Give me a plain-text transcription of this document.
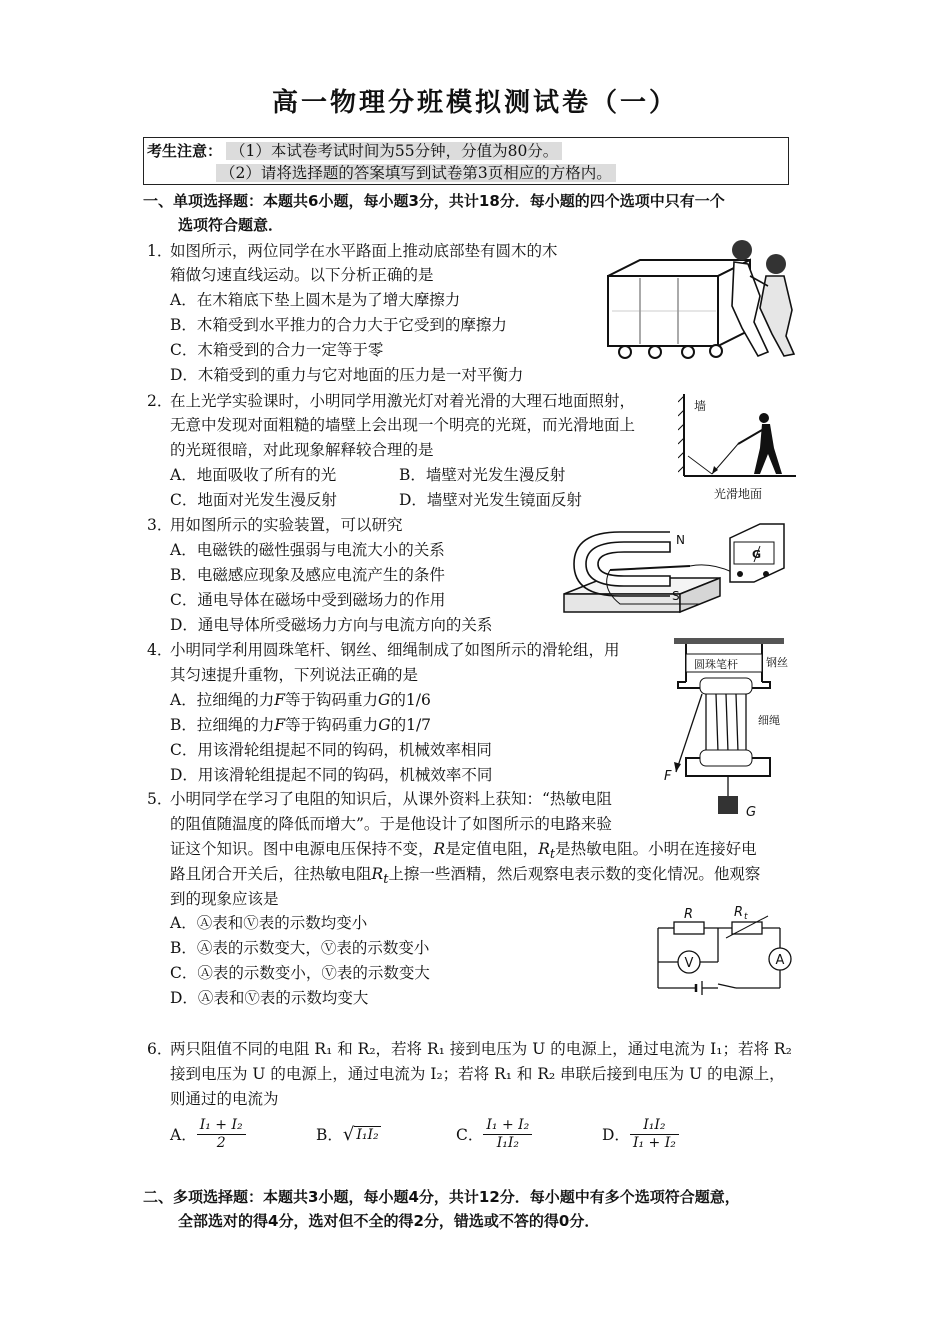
高一物理分班模拟测试卷（一）
考生注意： （1）本试卷考试时间为55分钟，分值为80分。
（2）请将选择题的答案填写到试卷第3页相应的方格内。
一、单项选择题：本题共6小题，每小题3分，共计18分．每小题的四个选项中只有一个
选项符合题意．
1．
如图所示，两位同学在水平路面上推动底部垫有圆木的木
箱做匀速直线运动。以下分析正确的是
A．在木箱底下垫上圆木是为了增大摩擦力
B．木箱受到水平推力的合力大于它受到的摩擦力
C．木箱受到的合力一定等于零
D．木箱受到的重力与它对地面的压力是一对平衡力
2．
在上光学实验课时，小明同学用激光灯对着光滑的大理石地面照射，
无意中发现对面粗糙的墙壁上会出现一个明亮的光斑，而光滑地面上
的光斑很暗，对此现象解释较合理的是
A．地面吸收了所有的光	B．墙壁对光发生漫反射
C．地面对光发生漫反射	D．墙壁对光发生镜面反射
墙
光滑地面
3．
用如图所示的实验装置，可以研究
A．电磁铁的磁性强弱与电流大小的关系
B．电磁感应现象及感应电流产生的条件
C．通电导体在磁场中受到磁场力的作用
D．通电导体所受磁场力方向与电流方向的关系
N
S
G
4．
小明同学利用圆珠笔杆、钢丝、细绳制成了如图所示的滑轮组，用
其匀速提升重物，下列说法正确的是
A．拉细绳的力F等于钩码重力G的1/6
B．拉细绳的力F等于钩码重力G的1/7
C．用该滑轮组提起不同的钩码，机械效率相同
D．用该滑轮组提起不同的钩码，机械效率不同
圆珠笔杆	钢丝
细绳
F
G
5．
小明同学在学习了电阻的知识后，从课外资料上获知：“热敏电阻
的阻值随温度的降低而增大”。于是他设计了如图所示的电路来验
证这个知识。图中电源电压保持不变，R是定值电阻，$R_t$是热敏电阻。小明在连接好电
路且闭合开关后，往热敏电阻$R_t$上擦一些酒精，然后观察电表示数的变化情况。他观察
到的现象应该是
A．Ⓐ表和Ⓥ表的示数均变小
B．Ⓐ表的示数变大，Ⓥ表的示数变小
C．Ⓐ表的示数变小，Ⓥ表的示数变大
D．Ⓐ表和Ⓥ表的示数均变大
A
V
R	R t
6．
两只阻值不同的电阻 R₁ 和 R₂，若将 R₁ 接到电压为 U 的电源上，通过电流为 I₁；若将 R₂
接到电压为 U 的电源上，通过电流为 I₂；若将 R₁ 和 R₂ 串联后接到电压为 U 的电源上，
则通过的电流为
A． $\frac{\text{I₁ + I₂}}{2}$	B． √ I₁I₂	C． $\frac{\text{I₁ + I₂}}{\text{I₁I₂}}$	D． $\frac{\text{I₁I₂}}{\text{I₁ + I₂}}$
二、多项选择题：本题共3小题，每小题4分，共计12分．每小题中有多个选项符合题意，
全部选对的得4分，选对但不全的得2分，错选或不答的得0分．
